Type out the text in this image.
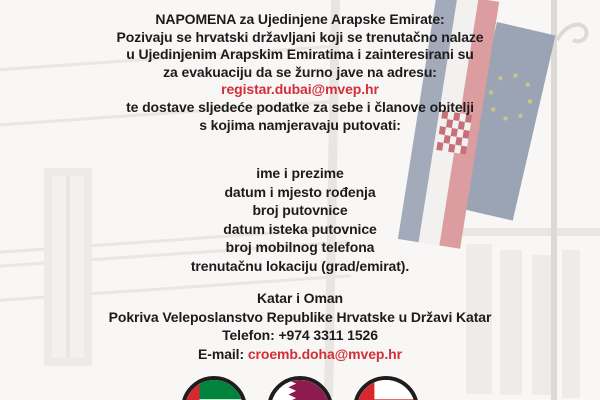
NAPOMENA za Ujedinjene Arapske Emirate:
Pozivaju se hrvatski državljani koji se trenutačno nalaze
u Ujedinjenim Arapskim Emiratima i zainteresirani su
za evakuaciju da se žurno jave na adresu:
registar.dubai@mvep.hr
te dostave sljedeće podatke za sebe i članove obitelji
s kojima namjeravaju putovati:
ime i prezime
datum i mjesto rođenja
broj putovnice
datum isteka putovnice
broj mobilnog telefona
trenutačnu lokaciju (grad/emirat).
Katar i Oman
Pokriva Veleposlanstvo Republike Hrvatske u Državi Katar
Telefon: +974 3311 1526
E-mail: croemb.doha@mvep.hr
